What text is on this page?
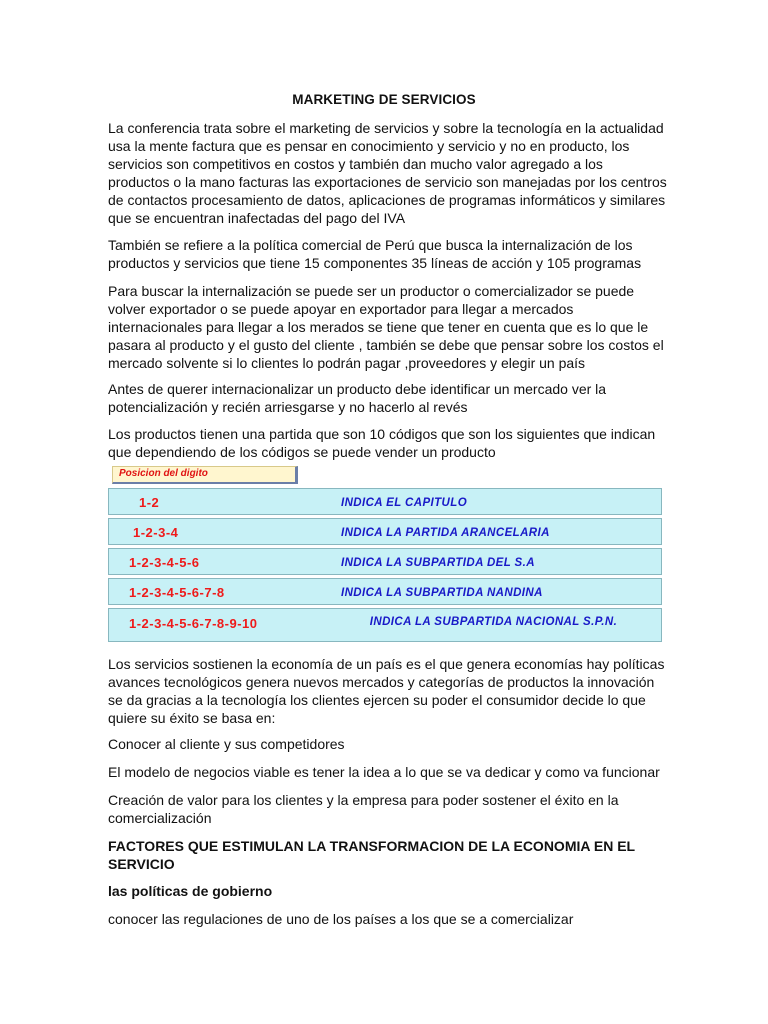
MARKETING DE SERVICIOS

La conferencia trata sobre el marketing de servicios y sobre la tecnología en la actualidad usa la mente factura que es pensar en conocimiento y servicio y no en producto, los servicios son competitivos en costos y también dan mucho valor agregado a los productos o la mano facturas las exportaciones de servicio son manejadas por los centros de contactos procesamiento de datos, aplicaciones de programas informáticos y similares que se encuentran inafectadas del pago del IVA

También se refiere a la política comercial de Perú que busca la internalización de los productos y servicios que tiene 15 componentes 35 líneas de acción y 105 programas

Para buscar la internalización se puede ser un productor o comercializador se puede volver exportador o se puede apoyar en exportador para llegar a mercados internacionales para llegar a los merados se tiene que tener en cuenta que es lo que le pasara al producto y el gusto del cliente , también se debe que pensar sobre los costos el mercado solvente si lo clientes lo podrán pagar ,proveedores y elegir un país

Antes de querer internacionalizar un producto debe identificar un mercado ver la potencialización y recién arriesgarse y no hacerlo al revés

Los productos tienen una partida que son 10 códigos que son los siguientes que indican que dependiendo de los códigos se puede vender un producto

Posicion del digito
1-2	INDICA EL CAPITULO
1-2-3-4	INDICA LA PARTIDA ARANCELARIA
1-2-3-4-5-6	INDICA LA SUBPARTIDA DEL S.A
1-2-3-4-5-6-7-8	INDICA LA SUBPARTIDA NANDINA
1-2-3-4-5-6-7-8-9-10	INDICA LA SUBPARTIDA NACIONAL S.P.N.

Los servicios sostienen la economía de un país es el que genera economías hay políticas avances tecnológicos genera nuevos mercados y categorías de productos la innovación se da gracias a la tecnología los clientes ejercen su poder el consumidor decide lo que quiere su éxito se basa en:

Conocer al cliente y sus competidores

El modelo de negocios viable es tener la idea a lo que se va dedicar y como va funcionar

Creación de valor para los clientes y la empresa para poder sostener el éxito en la comercialización

FACTORES QUE ESTIMULAN LA TRANSFORMACION DE LA ECONOMIA EN EL SERVICIO

las políticas de gobierno

conocer las regulaciones de uno de los países a los que se a comercializar
